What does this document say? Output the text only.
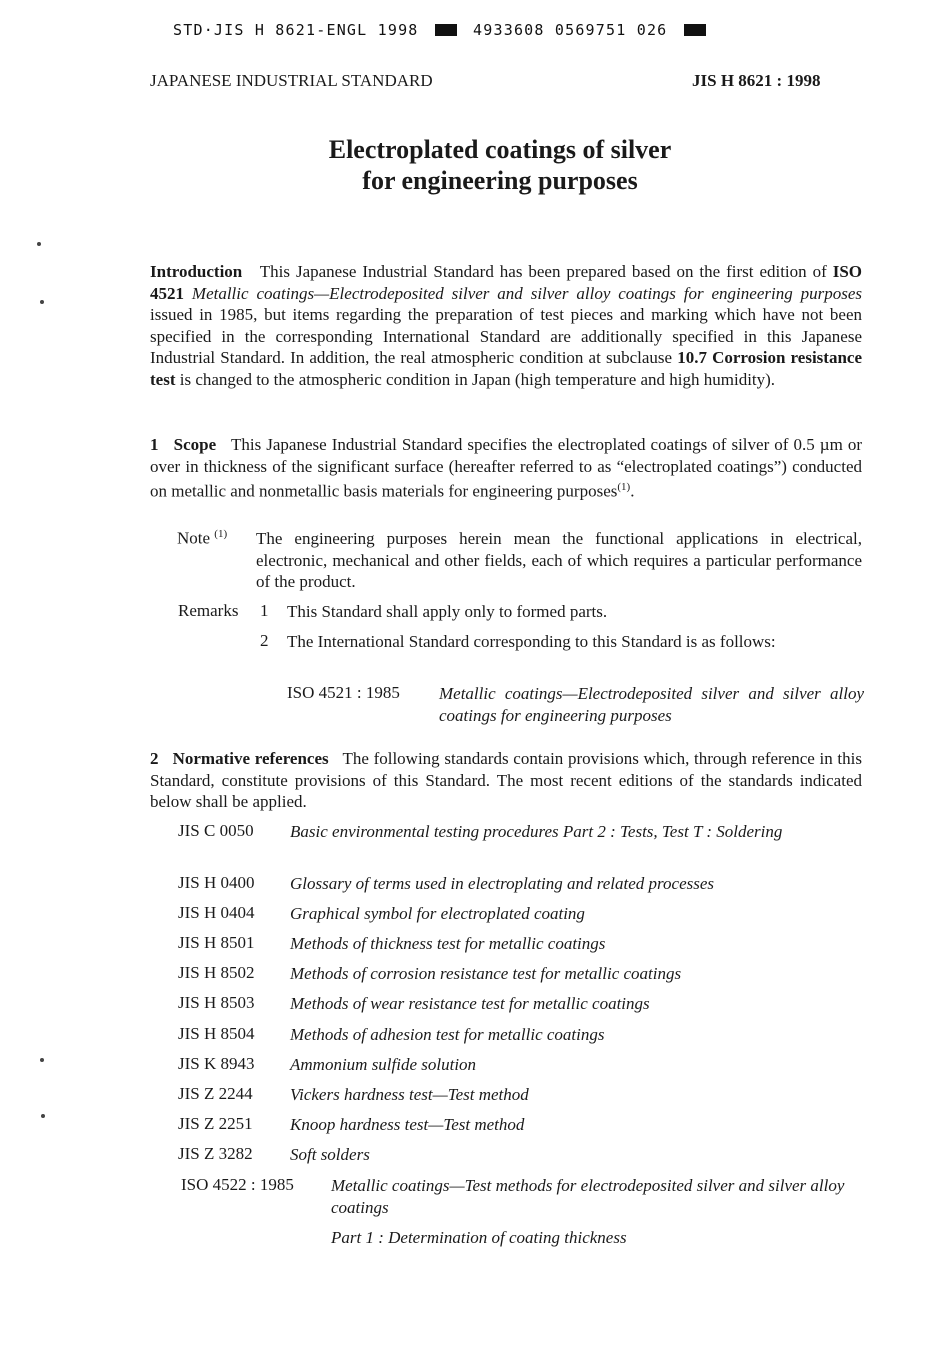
STD·JIS H 8621-ENGL 1998	4933608 0569751 026
JAPANESE INDUSTRIAL STANDARD	JIS H 8621 : 1998
Electroplated coatings of silver
for engineering purposes
Introduction This Japanese Industrial Standard has been prepared based on the first edition of ISO 4521 Metallic coatings—Electrodeposited silver and silver alloy coatings for engineering purposes issued in 1985, but items regarding the preparation of test pieces and marking which have not been specified in the corresponding International Standard are additionally specified in this Japanese Industrial Standard. In addition, the real atmospheric condition at subclause 10.7 Corrosion resistance test is changed to the atmospheric condition in Japan (high temperature and high humidity).
1 Scope This Japanese Industrial Standard specifies the electroplated coatings of silver of 0.5 µm or over in thickness of the significant surface (hereafter referred to as “electroplated coatings”) conducted on metallic and nonmetallic basis materials for engineering purposes$^{(1)}$.
Note $^{(1)}$ The engineering purposes herein mean the functional applications in electrical, electronic, mechanical and other fields, each of which requires a particular performance of the product.
Remarks 1 This Standard shall apply only to formed parts.
2 The International Standard corresponding to this Standard is as follows:
ISO 4521 : 1985 Metallic coatings—Electrodeposited silver and silver alloy coatings for engineering purposes
2 Normative references The following standards contain provisions which, through reference in this Standard, constitute provisions of this Standard. The most recent editions of the standards indicated below shall be applied.
JIS C 0050 Basic environmental testing procedures Part 2 : Tests, Test T : Soldering
JIS H 0400 Glossary of terms used in electroplating and related processes
JIS H 0404 Graphical symbol for electroplated coating
JIS H 8501 Methods of thickness test for metallic coatings
JIS H 8502 Methods of corrosion resistance test for metallic coatings
JIS H 8503 Methods of wear resistance test for metallic coatings
JIS H 8504 Methods of adhesion test for metallic coatings
JIS K 8943 Ammonium sulfide solution
JIS Z 2244 Vickers hardness test—Test method
JIS Z 2251 Knoop hardness test—Test method
JIS Z 3282 Soft solders
ISO 4522 : 1985 Metallic coatings—Test methods for electrodeposited silver and silver alloy coatings
Part 1 : Determination of coating thickness
